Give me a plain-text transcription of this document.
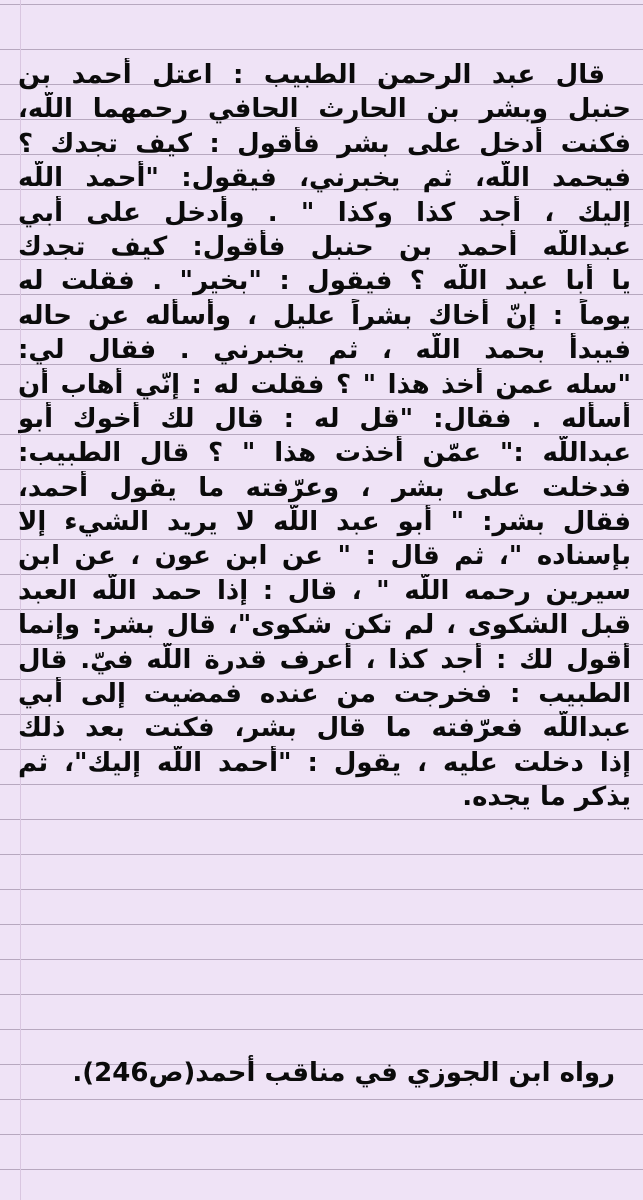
قال عبد الرحمن الطبيب : اعتل أحمد بن
حنبل وبشر بن الحارث الحافي رحمهما اللّه،
فكنت أدخل على بشر فأقول : كيف تجدك ؟
فيحمد اللّه، ثم يخبرني، فيقول: "أحمد اللّه
إليك ، أجد كذا وكذا " . وأدخل على أبي
عبداللّه أحمد بن حنبل فأقول: كيف تجدك
يا أبا عبد اللّه ؟ فيقول : "بخير" . فقلت له
يوماً : إنّ أخاك بشراً عليل ، وأسأله عن حاله
فيبدأ بحمد اللّه ، ثم يخبرني . فقال لي:
"سله عمن أخذ هذا " ؟ فقلت له : إنّي أهاب أن
أسأله . فقال: "قل له : قال لك أخوك أبو
عبداللّه :" عمّن أخذت هذا " ؟ قال الطبيب:
فدخلت على بشر ، وعرّفته ما يقول أحمد،
فقال بشر: " أبو عبد اللّه لا يريد الشيء إلا
بإسناده "، ثم قال : " عن ابن عون ، عن ابن
سيرين رحمه اللّه " ، قال : إذا حمد اللّه العبد
قبل الشكوى ، لم تكن شكوى"، قال بشر: وإنما
أقول لك : أجد كذا ، أعرف قدرة اللّه فيّ. قال
الطبيب : فخرجت من عنده فمضيت إلى أبي
عبداللّه فعرّفته ما قال بشر، فكنت بعد ذلك
إذا دخلت عليه ، يقول : "أحمد اللّه إليك"، ثم
يذكر ما يجده.
رواه ابن الجوزي في مناقب أحمد(ص246).
